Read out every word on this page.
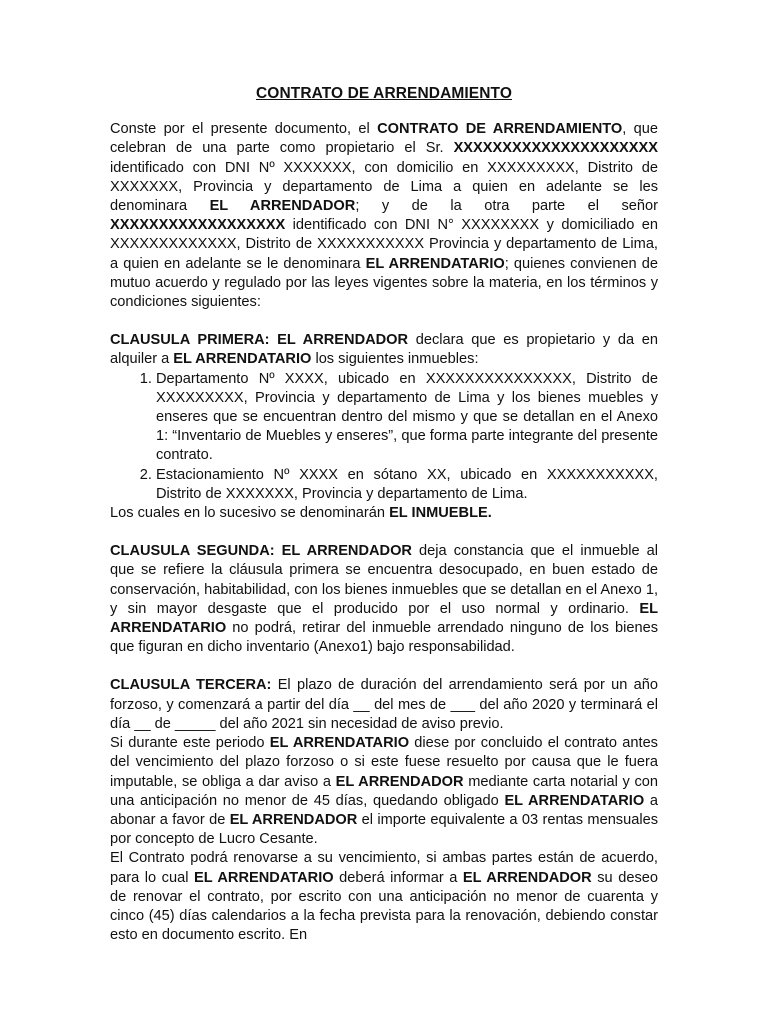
CONTRATO DE ARRENDAMIENTO

Conste por el presente documento, el CONTRATO DE ARRENDAMIENTO, que celebran de una parte como propietario el Sr. XXXXXXXXXXXXXXXXXXXXX identificado con DNI Nº XXXXXXX, con domicilio en XXXXXXXXX, Distrito de XXXXXXX, Provincia y departamento de Lima a quien en adelante se les denominara EL ARRENDADOR; y de la otra parte el señor XXXXXXXXXXXXXXXXXX identificado con DNI N° XXXXXXXX y domiciliado en XXXXXXXXXXXXX, Distrito de XXXXXXXXXXX Provincia y departamento de Lima, a quien en adelante se le denominara EL ARRENDATARIO; quienes convienen de mutuo acuerdo y regulado por las leyes vigentes sobre la materia, en los términos y condiciones siguientes:

CLAUSULA PRIMERA: EL ARRENDADOR declara que es propietario y da en alquiler a EL ARRENDATARIO los siguientes inmuebles:

1. Departamento Nº XXXX, ubicado en XXXXXXXXXXXXXXX, Distrito de XXXXXXXXX, Provincia y departamento de Lima y los bienes muebles y enseres que se encuentran dentro del mismo y que se detallan en el Anexo 1: “Inventario de Muebles y enseres”, que forma parte integrante del presente contrato.
2. Estacionamiento Nº XXXX en sótano XX, ubicado en XXXXXXXXXXX, Distrito de XXXXXXX, Provincia y departamento de Lima.

Los cuales en lo sucesivo se denominarán EL INMUEBLE.

CLAUSULA SEGUNDA: EL ARRENDADOR deja constancia que el inmueble al que se refiere la cláusula primera se encuentra desocupado, en buen estado de conservación, habitabilidad, con los bienes inmuebles que se detallan en el Anexo 1, y sin mayor desgaste que el producido por el uso normal y ordinario. EL ARRENDATARIO no podrá, retirar del inmueble arrendado ninguno de los bienes que figuran en dicho inventario (Anexo1) bajo responsabilidad.

CLAUSULA TERCERA: El plazo de duración del arrendamiento será por un año forzoso, y comenzará a partir del día __ del mes de ___ del año 2020 y terminará el día __ de _____ del año 2021 sin necesidad de aviso previo.

Si durante este periodo EL ARRENDATARIO diese por concluido el contrato antes del vencimiento del plazo forzoso o si este fuese resuelto por causa que le fuera imputable, se obliga a dar aviso a EL ARRENDADOR mediante carta notarial y con una anticipación no menor de 45 días, quedando obligado EL ARRENDATARIO a abonar a favor de EL ARRENDADOR el importe equivalente a 03 rentas mensuales por concepto de Lucro Cesante.

El Contrato podrá renovarse a su vencimiento, si ambas partes están de acuerdo, para lo cual EL ARRENDATARIO deberá informar a EL ARRENDADOR su deseo de renovar el contrato, por escrito con una anticipación no menor de cuarenta y cinco (45) días calendarios a la fecha prevista para la renovación, debiendo constar esto en documento escrito. En
